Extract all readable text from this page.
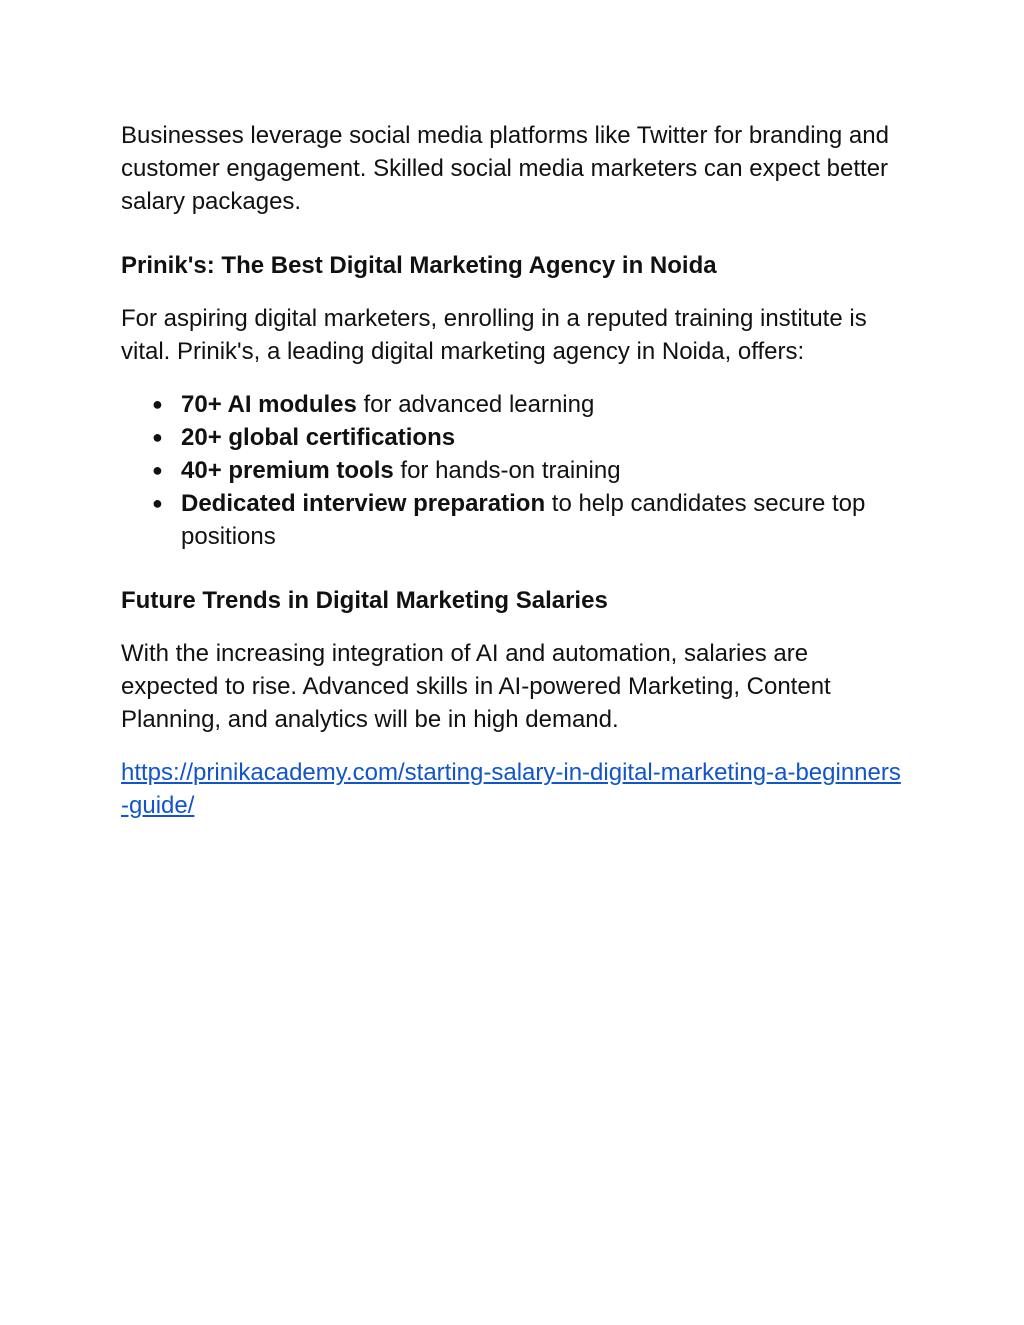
Businesses leverage social media platforms like Twitter for branding and customer engagement. Skilled social media marketers can expect better salary packages.

Prinik's: The Best Digital Marketing Agency in Noida

For aspiring digital marketers, enrolling in a reputed training institute is vital. Prinik's, a leading digital marketing agency in Noida, offers:

● 70+ AI modules for advanced learning
● 20+ global certifications
● 40+ premium tools for hands-on training
● Dedicated interview preparation to help candidates secure top positions
Future Trends in Digital Marketing Salaries

With the increasing integration of AI and automation, salaries are expected to rise. Advanced skills in AI-powered Marketing, Content Planning, and analytics will be in high demand.

https://prinikacademy.com/starting-salary-in-digital-marketing-a-beginners-guide/
